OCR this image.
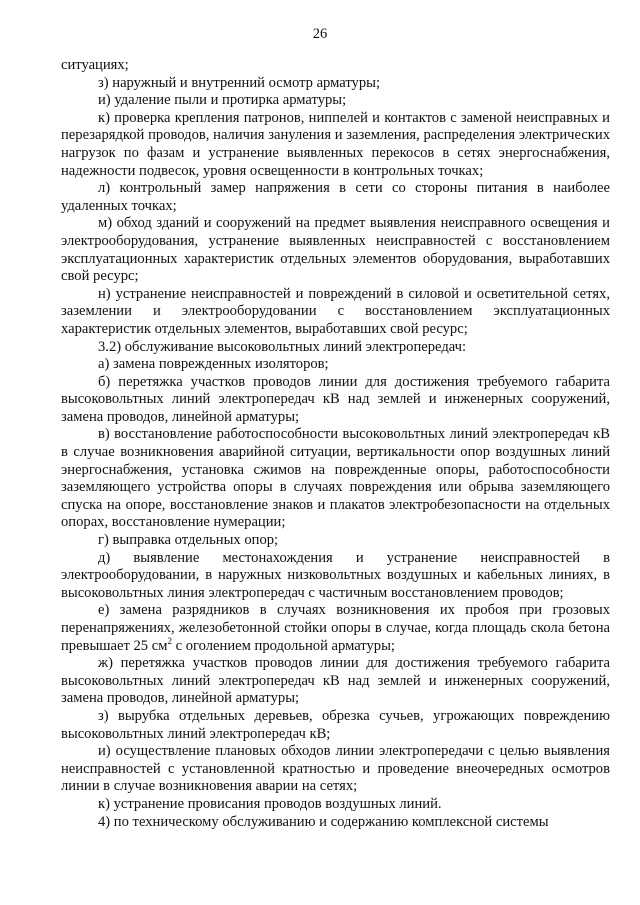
26

ситуациях;

з) наружный и внутренний осмотр арматуры;

и) удаление пыли и протирка арматуры;

к) проверка крепления патронов, ниппелей и контактов с заменой неисправных и перезарядкой проводов, наличия зануления и заземления, распределения электрических нагрузок по фазам и устранение выявленных перекосов в сетях энергоснабжения, надежности подвесок, уровня освещенности в контрольных точках;

л) контрольный замер напряжения в сети со стороны питания в наиболее удаленных точках;

м) обход зданий и сооружений на предмет выявления неисправного освещения и электрооборудования, устранение выявленных неисправностей с восстановлением эксплуатационных характеристик отдельных элементов оборудования, выработавших свой ресурс;

н) устранение неисправностей и повреждений в силовой и осветительной сетях, заземлении и электрооборудовании с восстановлением эксплуатационных характеристик отдельных элементов, выработавших свой ресурс;

3.2) обслуживание высоковольтных линий электропередач:

а) замена поврежденных изоляторов;

б) перетяжка участков проводов линии для достижения требуемого габарита высоковольтных линий электропередач кВ над землей и инженерных сооружений, замена проводов, линейной арматуры;

в) восстановление работоспособности высоковольтных линий электропередач кВ в случае возникновения аварийной ситуации, вертикальности опор воздушных линий энергоснабжения, установка сжимов на поврежденные опоры, работоспособности заземляющего устройства опоры в случаях повреждения или обрыва заземляющего спуска на опоре, восстановление знаков и плакатов электробезопасности на отдельных опорах, восстановление нумерации;

г) выправка отдельных опор;

д) выявление местонахождения и устранение неисправностей в электрооборудовании, в наружных низковольтных воздушных и кабельных линиях, в высоковольтных линия электропередач с частичным восстановлением проводов;

е) замена разрядников в случаях возникновения их пробоя при грозовых перенапряжениях, железобетонной стойки опоры в случае, когда площадь скола бетона превышает 25 $см^2$ с оголением продольной арматуры;

ж) перетяжка участков проводов линии для достижения требуемого габарита высоковольтных линий электропередач кВ над землей и инженерных сооружений, замена проводов, линейной арматуры;

з) вырубка отдельных деревьев, обрезка сучьев, угрожающих повреждению высоковольтных линий электропередач кВ;

и) осуществление плановых обходов линии электропередачи с целью выявления неисправностей с установленной кратностью и проведение внеочередных осмотров линии в случае возникновения аварии на сетях;

к) устранение провисания проводов воздушных линий.

4) по техническому обслуживанию и содержанию комплексной системы
